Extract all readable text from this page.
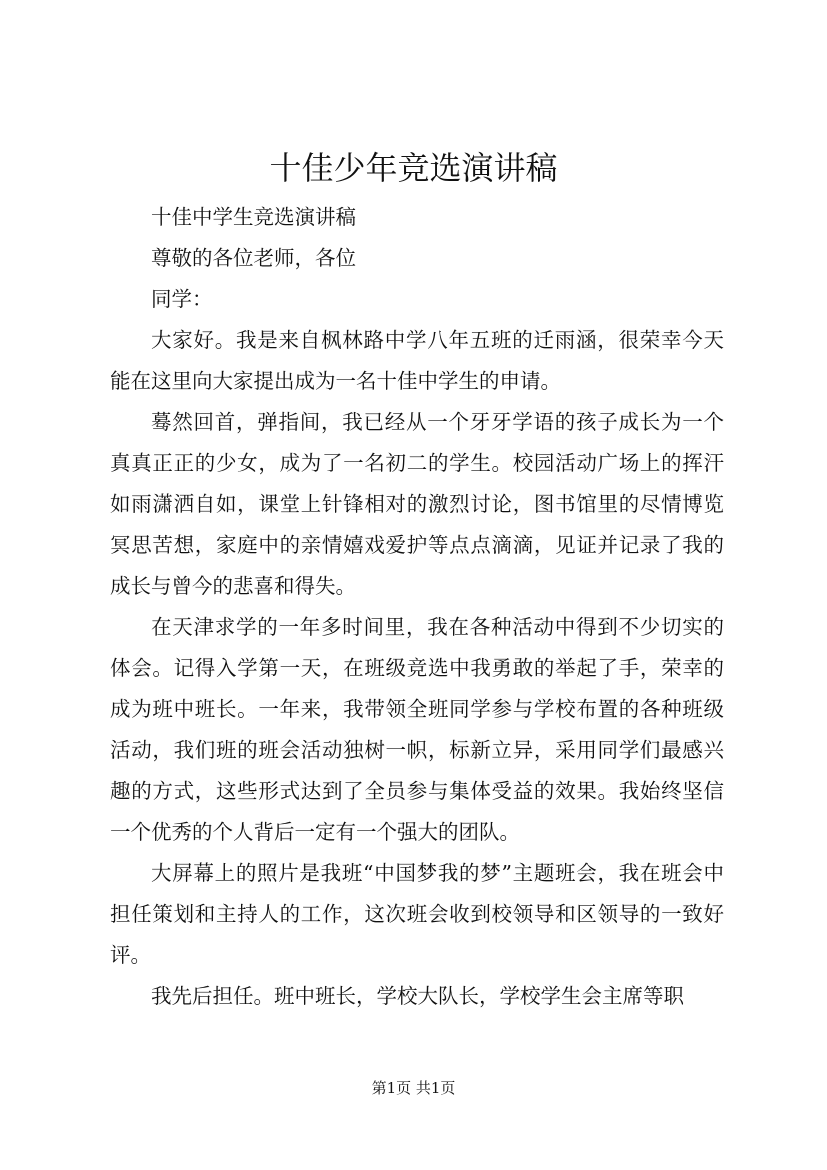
十佳少年竞选演讲稿

十佳中学生竞选演讲稿

尊敬的各位老师，各位

同学：

大家好。我是来自枫林路中学八年五班的迁雨涵，很荣幸今天能在这里向大家提出成为一名十佳中学生的申请。

蓦然回首，弹指间，我已经从一个牙牙学语的孩子成长为一个真真正正的少女，成为了一名初二的学生。校园活动广场上的挥汗如雨潇洒自如，课堂上针锋相对的激烈讨论，图书馆里的尽情博览冥思苦想，家庭中的亲情嬉戏爱护等点点滴滴，见证并记录了我的成长与曾今的悲喜和得失。

在天津求学的一年多时间里，我在各种活动中得到不少切实的体会。记得入学第一天，在班级竞选中我勇敢的举起了手，荣幸的成为班中班长。一年来，我带领全班同学参与学校布置的各种班级活动，我们班的班会活动独树一帜，标新立异，采用同学们最感兴趣的方式，这些形式达到了全员参与集体受益的效果。我始终坚信一个优秀的个人背后一定有一个强大的团队。

大屏幕上的照片是我班“中国梦我的梦”主题班会，我在班会中担任策划和主持人的工作，这次班会收到校领导和区领导的一致好评。

我先后担任。班中班长，学校大队长，学校学生会主席等职

第1页 共1页
